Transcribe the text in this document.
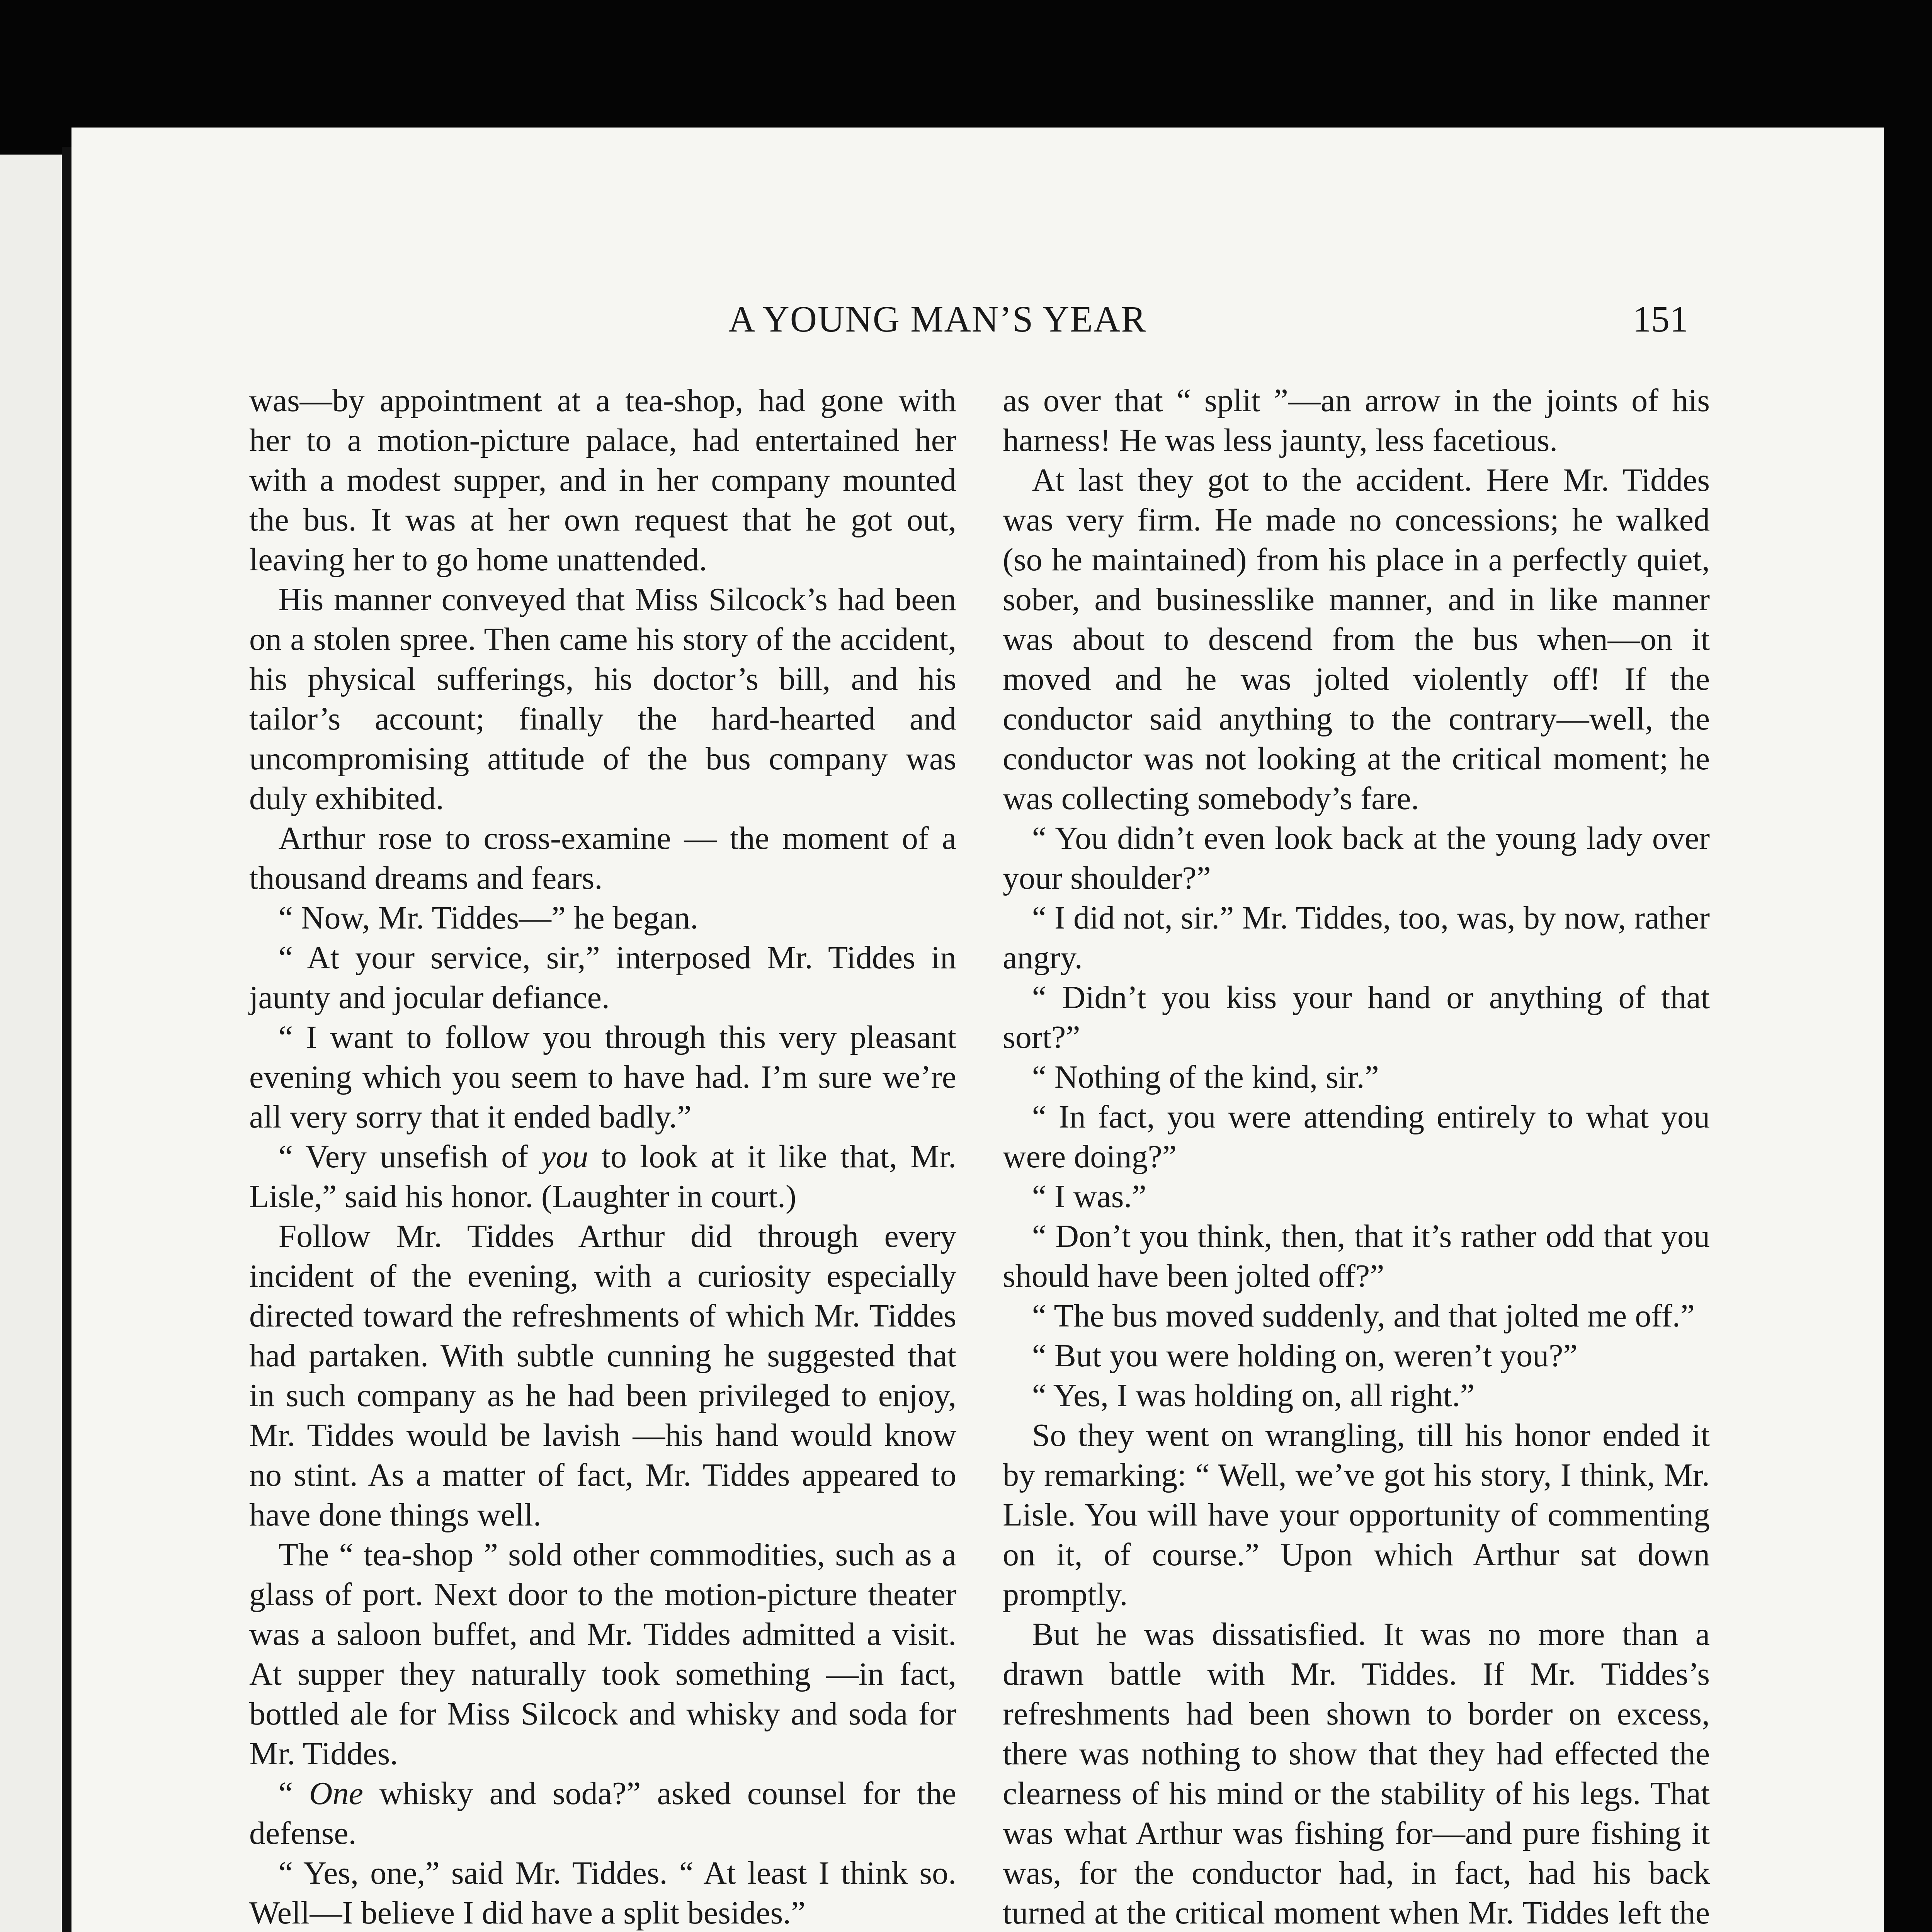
A YOUNG MAN’S YEAR	151

was—by appointment at a tea-shop, had gone with her to a motion-picture palace, had entertained her with a modest supper, and in her company mounted the bus. It was at her own request that he got out, leaving her to go home unattended.

His manner conveyed that Miss Silcock’s had been on a stolen spree. Then came his story of the accident, his physical sufferings, his doctor’s bill, and his tailor’s account; finally the hard-hearted and uncompromising attitude of the bus company was duly exhibited.

Arthur rose to cross-examine — the moment of a thousand dreams and fears.

“ Now, Mr. Tiddes—” he began.

“ At your service, sir,” interposed Mr. Tiddes in jaunty and jocular defiance.

“ I want to follow you through this very pleasant evening which you seem to have had. I’m sure we’re all very sorry that it ended badly.”

“ Very unsefish of you to look at it like that, Mr. Lisle,” said his honor. (Laughter in court.)

Follow Mr. Tiddes Arthur did through every incident of the evening, with a curiosity especially directed toward the refreshments of which Mr. Tiddes had partaken. With subtle cunning he suggested that in such company as he had been privileged to enjoy, Mr. Tiddes would be lavish —his hand would know no stint. As a matter of fact, Mr. Tiddes appeared to have done things well.

The “ tea-shop ” sold other commodities, such as a glass of port. Next door to the motion-picture theater was a saloon buffet, and Mr. Tiddes admitted a visit. At supper they naturally took something —in fact, bottled ale for Miss Silcock and whisky and soda for Mr. Tiddes.

“ One whisky and soda?” asked counsel for the defense.

“ Yes, one,” said Mr. Tiddes. “ At least I think so. Well—I believe I did have a split besides.”

as over that “ split ”—an arrow in the joints of his harness! He was less jaunty, less facetious.

At last they got to the accident. Here Mr. Tiddes was very firm. He made no concessions; he walked (so he maintained) from his place in a perfectly quiet, sober, and businesslike manner, and in like manner was about to descend from the bus when—on it moved and he was jolted violently off! If the conductor said anything to the contrary—well, the conductor was not looking at the critical moment; he was collecting somebody’s fare.

“ You didn’t even look back at the young lady over your shoulder?”

“ I did not, sir.” Mr. Tiddes, too, was, by now, rather angry.

“ Didn’t you kiss your hand or anything of that sort?”

“ Nothing of the kind, sir.”

“ In fact, you were attending entirely to what you were doing?”

“ I was.”

“ Don’t you think, then, that it’s rather odd that you should have been jolted off?”

“ The bus moved suddenly, and that jolted me off.”

“ But you were holding on, weren’t you?”

“ Yes, I was holding on, all right.”

So they went on wrangling, till his honor ended it by remarking: “ Well, we’ve got his story, I think, Mr. Lisle. You will have your opportunity of commenting on it, of course.” Upon which Arthur sat down promptly.

But he was dissatisfied. It was no more than a drawn battle with Mr. Tiddes. If Mr. Tiddes’s refreshments had been shown to border on excess, there was nothing to show that they had effected the clearness of his mind or the stability of his legs. That was what Arthur was fishing for—and pure fishing it was, for the conductor had, in fact, had his back turned at the critical moment when Mr. Tiddes left the
